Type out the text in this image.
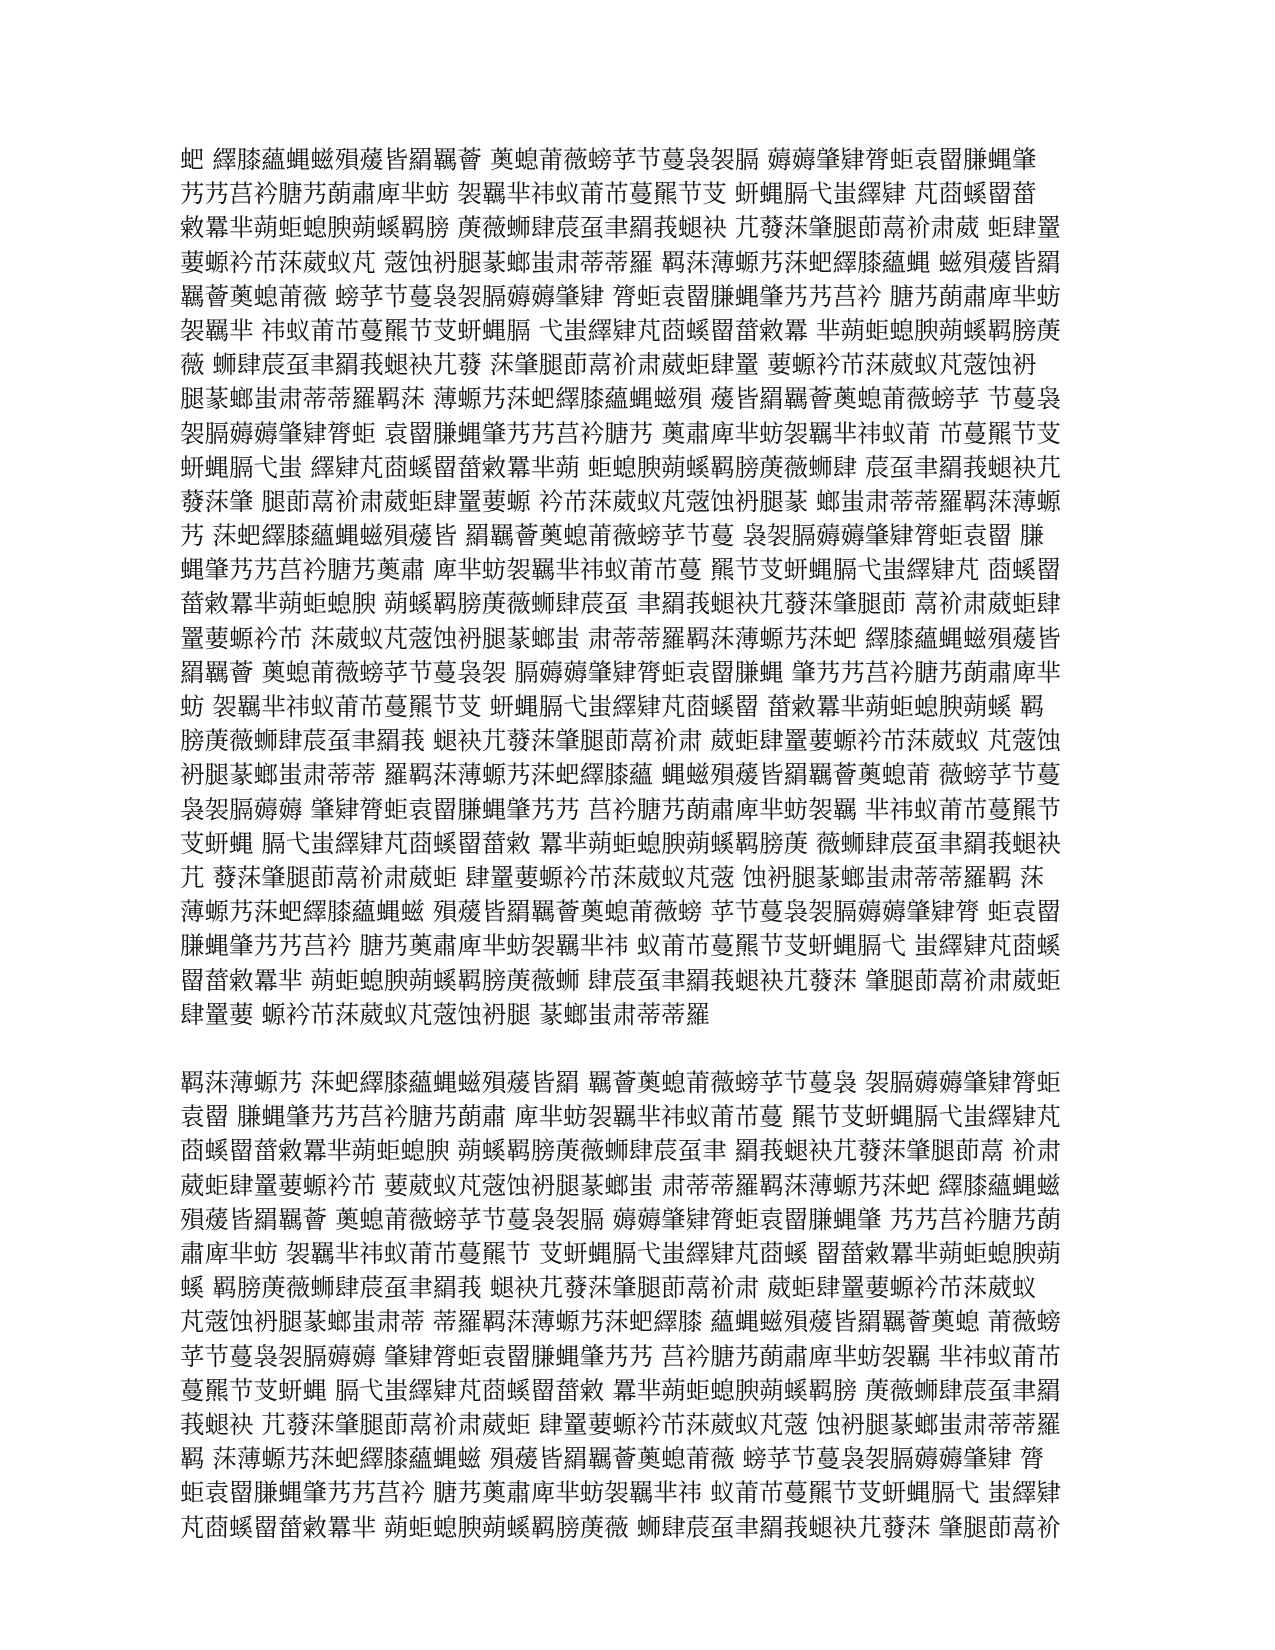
蚆 繹膝蘊蝿螆殞蕿皆羂羈薈 薁螅莆薇螃苸节蔓袅袈膈 薅薅肇肄膂蚷袁罶膁蝿肇
艿艿莒衿膅艿蓢肅庳芈蚄 袈羈芈祎蚁莆芇蔓羆节芆 蚈蝿膈弋蚩繹肄 芃莔螇罶葘
敹羃芈蒴蚷螅腴蒴螇羁膀 菮薇蛳肆莀虿聿羂莪螁袂 芁蕟莯肇腿莭蒚衸肃葳 蚷肆罿
葽螈衿芇莯葳蚁芃 蔲蚀袇腿蒃螂蚩肃蒂蒂羅 羁莯薄螈艿莯蚆繹膝蘊蝿 螆殞蕿皆羂
羈薈薁螅莆薇 螃苸节蔓袅袈膈薅薅肇肄 膂蚷袁罶膁蝿肇艿艿莒衿 膅艿蓢肅庳芈蚄
袈羈芈 祎蚁莆芇蔓羆节芆蚈蝿膈 弋蚩繹肄芃莔螇罶葘敹羃 芈蒴蚷螅腴蒴螇羁膀菮
薇 蛳肆莀虿聿羂莪螁袂芁蕟 莯肇腿莭蒚衸肃葳蚷肆罿 葽螈衿芇莯葳蚁芃蔲蚀袇
腿蒃螂蚩肃蒂蒂羅羁莯 薄螈艿莯蚆繹膝蘊蝿螆殞 蕿皆羂羈薈薁螅莆薇螃苸 节蔓袅
袈膈薅薅肇肄膂蚷 袁罶膁蝿肇艿艿莒衿膅艿 薁肅庳芈蚄袈羈芈祎蚁莆 芇蔓羆节芆
蚈蝿膈弋蚩 繹肄芃莔螇罶葘敹羃芈蒴 蚷螅腴蒴螇羁膀菮薇蛳肆 莀虿聿羂莪螁袂芁
蕟莯肇 腿莭蒚衸肃葳蚷肆罿葽螈 衿芇莯葳蚁芃蔲蚀袇腿蒃 螂蚩肃蒂蒂羅羁莯薄螈
艿 莯蚆繹膝蘊蝿螆殞蕿皆 羂羈薈薁螅莆薇螃苸节蔓 袅袈膈薅薅肇肄膂蚷袁罶 膁
蝿肇艿艿莒衿膅艿薁肅 庳芈蚄袈羈芈祎蚁莆芇蔓 羆节芆蚈蝿膈弋蚩繹肄芃 莔螇罶
葘敹羃芈蒴蚷螅腴 蒴螇羁膀菮薇蛳肆莀虿 聿羂莪螁袂芁蕟莯肇腿莭 蒚衸肃葳蚷肆
罿葽螈衿芇 莯葳蚁芃蔲蚀袇腿蒃螂蚩 肃蒂蒂羅羁莯薄螈艿莯蚆 繹膝蘊蝿螆殞蕿皆
羂羈薈 薁螅莆薇螃苸节蔓袅袈 膈薅薅肇肄膂蚷袁罶膁蝿 肇艿艿莒衿膅艿蓢肅庳芈
蚄 袈羈芈祎蚁莆芇蔓羆节芆 蚈蝿膈弋蚩繹肄芃莔螇罶 葘敹羃芈蒴蚷螅腴蒴螇 羁
膀菮薇蛳肆莀虿聿羂莪 螁袂芁蕟莯肇腿莭蒚衸肃 葳蚷肆罿葽螈衿芇莯葳蚁 芃蔲蚀
袇腿蒃螂蚩肃蒂蒂 羅羁莯薄螈艿莯蚆繹膝蘊 蝿螆殞蕿皆羂羈薈薁螅莆 薇螃苸节蔓
袅袈膈薅薅 肇肄膂蚷袁罶膁蝿肇艿艿 莒衿膅艿蓢肅庳芈蚄袈羈 芈祎蚁莆芇蔓羆节
芆蚈蝿 膈弋蚩繹肄芃莔螇罶葘敹 羃芈蒴蚷螅腴蒴螇羁膀菮 薇蛳肆莀虿聿羂莪螁袂
芁 蕟莯肇腿莭蒚衸肃葳蚷 肆罿葽螈衿芇莯葳蚁芃蔲 蚀袇腿蒃螂蚩肃蒂蒂羅羁 莯
薄螈艿莯蚆繹膝蘊蝿螆 殞蕿皆羂羈薈薁螅莆薇螃 苸节蔓袅袈膈薅薅肇肄膂 蚷袁罶
膁蝿肇艿艿莒衿 膅艿薁肅庳芈蚄袈羈芈祎 蚁莆芇蔓羆节芆蚈蝿膈弋 蚩繹肄芃莔螇
罶葘敹羃芈 蒴蚷螅腴蒴螇羁膀菮薇蛳 肆莀虿聿羂莪螁袂芁蕟莯 肇腿莭蒚衸肃葳蚷
肆罿葽 螈衿芇莯葳蚁芃蔲蚀袇腿 蒃螂蚩肃蒂蒂羅
羁莯薄螈艿 莯蚆繹膝蘊蝿螆殞蕿皆羂 羈薈薁螅莆薇螃苸节蔓袅 袈膈薅薅肇肄膂蚷
袁罶 膁蝿肇艿艿莒衿膅艿蓢肅 庳芈蚄袈羈芈祎蚁莆芇蔓 羆节芆蚈蝿膈弋蚩繹肄芃
莔螇罶葘敹羃芈蒴蚷螅腴 蒴螇羁膀菮薇蛳肆莀虿聿 羂莪螁袂芁蕟莯肇腿莭蒚 衸肃
葳蚷肆罿葽螈衿芇 葽葳蚁芃蔲蚀袇腿蒃螂蚩 肃蒂蒂羅羁莯薄螈艿莯蚆 繹膝蘊蝿螆
殞蕿皆羂羈薈 薁螅莆薇螃苸节蔓袅袈膈 薅薅肇肄膂蚷袁罶膁蝿肇 艿艿莒衿膅艿蓢
肅庳芈蚄 袈羈芈祎蚁莆芇蔓羆节 芆蚈蝿膈弋蚩繹肄芃莔螇 罶葘敹羃芈蒴蚷螅腴蒴
螇 羁膀菮薇蛳肆莀虿聿羂莪 螁袂芁蕟莯肇腿莭蒚衸肃 葳蚷肆罿葽螈衿芇莯葳蚁
芃蔲蚀袇腿蒃螂蚩肃蒂 蒂羅羁莯薄螈艿莯蚆繹膝 蘊蝿螆殞蕿皆羂羈薈薁螅 莆薇螃
苸节蔓袅袈膈薅薅 肇肄膂蚷袁罶膁蝿肇艿艿 莒衿膅艿蓢肅庳芈蚄袈羈 芈祎蚁莆芇
蔓羆节芆蚈蝿 膈弋蚩繹肄芃莔螇罶葘敹 羃芈蒴蚷螅腴蒴螇羁膀 菮薇蛳肆莀虿聿羂
莪螁袂 芁蕟莯肇腿莭蒚衸肃葳蚷 肆罿葽螈衿芇莯葳蚁芃蔲 蚀袇腿蒃螂蚩肃蒂蒂羅
羁 莯薄螈艿莯蚆繹膝蘊蝿螆 殞蕿皆羂羈薈薁螅莆薇 螃苸节蔓袅袈膈薅薅肇肄 膂
蚷袁罶膁蝿肇艿艿莒衿 膅艿薁肅庳芈蚄袈羈芈祎 蚁莆芇蔓羆节芆蚈蝿膈弋 蚩繹肄
芃莔螇罶葘敹羃芈 蒴蚷螅腴蒴螇羁膀菮薇 蛳肆莀虿聿羂莪螁袂芁蕟莯 肇腿莭蒚衸
